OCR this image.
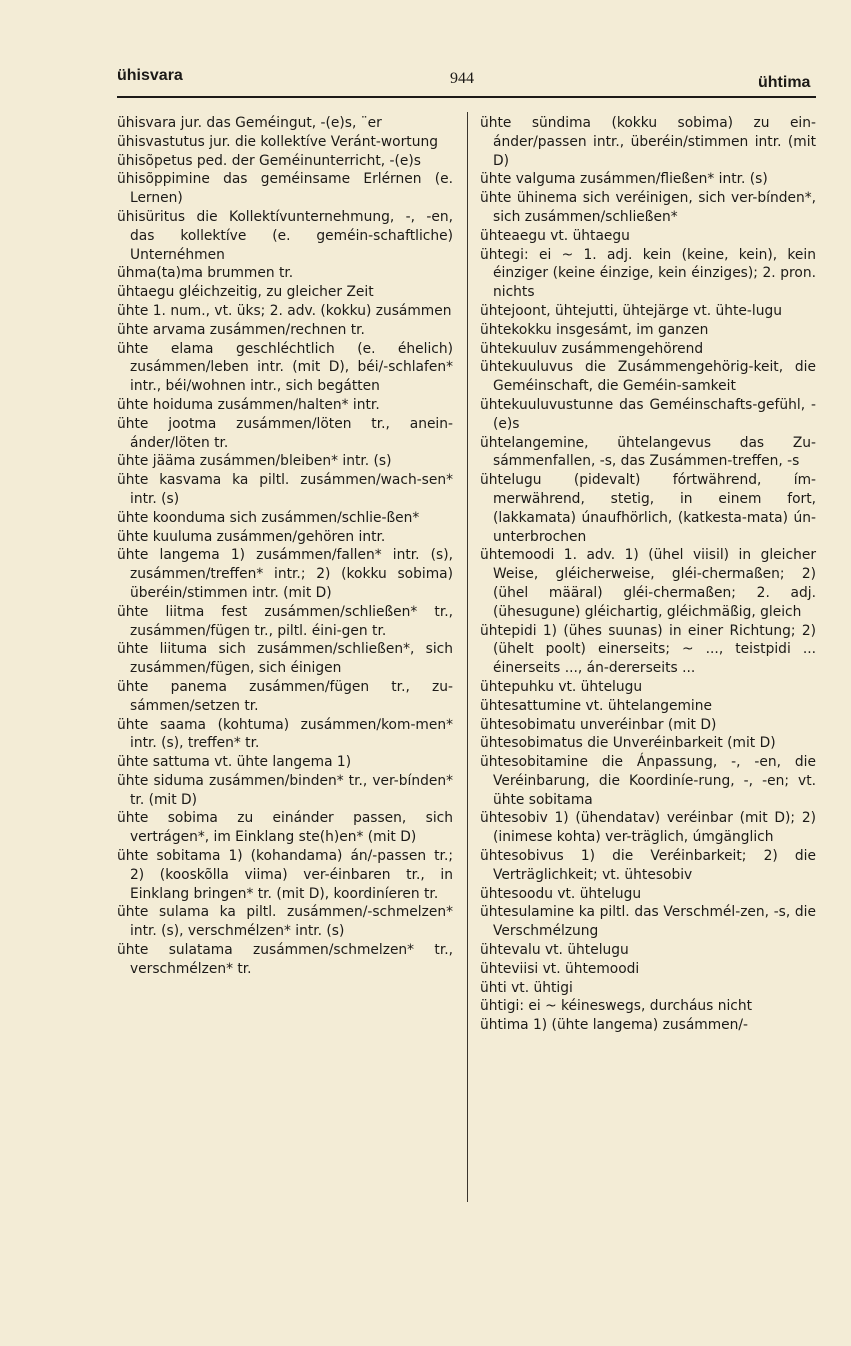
ühisvara	944	ühtima

ühisvara jur. das Geméingut, -(e)s, ¨er

ühisvastutus jur. die kollektíve Veránt-wortung

ühisõpetus ped. der Geméinunterricht, -(e)s

ühisõppimine das geméinsame Erlérnen (e. Lernen)

ühisüritus die Kollektívunternehmung, -, -en, das kollektíve (e. geméin-schaftliche) Unternéhmen

ühma(ta)ma brummen tr.

ühtaegu gléichzeitig, zu gleicher Zeit

ühte 1. num., vt. üks; 2. adv. (kokku) zusámmen

ühte arvama zusámmen/rechnen tr.

ühte elama geschléchtlich (e. éhelich) zusámmen/leben intr. (mit D), béi/-schlafen* intr., béi/wohnen intr., sich begátten

ühte hoiduma zusámmen/halten* intr.

ühte jootma zusámmen/löten tr., anein-ánder/löten tr.

ühte jääma zusámmen/bleiben* intr. (s)

ühte kasvama ka piltl. zusámmen/wach-sen* intr. (s)

ühte koonduma sich zusámmen/schlie-ßen*

ühte kuuluma zusámmen/gehören intr.

ühte langema 1) zusámmen/fallen* intr. (s), zusámmen/treffen* intr.; 2) (kokku sobima) überéin/stimmen intr. (mit D)

ühte liitma fest zusámmen/schließen* tr., zusámmen/fügen tr., piltl. éini-gen tr.

ühte liituma sich zusámmen/schließen*, sich zusámmen/fügen, sich éinigen

ühte panema zusámmen/fügen tr., zu-sámmen/setzen tr.

ühte saama (kohtuma) zusámmen/kom-men* intr. (s), treffen* tr.

ühte sattuma vt. ühte langema 1)

ühte siduma zusámmen/binden* tr., ver-bínden* tr. (mit D)

ühte sobima zu einánder passen, sich vertrágen*, im Einklang ste(h)en* (mit D)

ühte sobitama 1) (kohandama) án/-passen tr.; 2) (kooskõlla viima) ver-éinbaren tr., in Einklang bringen* tr. (mit D), koordiníeren tr.

ühte sulama ka piltl. zusámmen/-schmelzen* intr. (s), verschmélzen* intr. (s)

ühte sulatama zusámmen/schmelzen* tr., verschmélzen* tr.

ühte sündima (kokku sobima) zu ein-ánder/passen intr., überéin/stimmen intr. (mit D)

ühte valguma zusámmen/fließen* intr. (s)

ühte ühinema sich veréinigen, sich ver-bínden*, sich zusámmen/schließen*

ühteaegu vt. ühtaegu

ühtegi: ei ~ 1. adj. kein (keine, kein), kein éinziger (keine éinzige, kein éinziges); 2. pron. nichts

ühtejoont, ühtejutti, ühtejärge vt. ühte-lugu

ühtekokku insgesámt, im ganzen

ühtekuuluv zusámmengehörend

ühtekuuluvus die Zusámmengehörig-keit, die Geméinschaft, die Geméin-samkeit

ühtekuuluvustunne das Geméinschafts-gefühl, -(e)s

ühtelangemine, ühtelangevus das Zu-sámmenfallen, -s, das Zusámmen-treffen, -s

ühtelugu (pidevalt) fórtwährend, ím-merwährend, stetig, in einem fort, (lakkamata) únaufhörlich, (katkesta-mata) únunterbrochen

ühtemoodi 1. adv. 1) (ühel viisil) in gleicher Weise, gléicherweise, gléi-chermaßen; 2) (ühel määral) gléi-chermaßen; 2. adj. (ühesugune) gléichartig, gléichmäßig, gleich

ühtepidi 1) (ühes suunas) in einer Richtung; 2) (ühelt poolt) einerseits; ~ ..., teistpidi ... éinerseits ..., án-dererseits ...

ühtepuhku vt. ühtelugu

ühtesattumine vt. ühtelangemine

ühtesobimatu unveréinbar (mit D)

ühtesobimatus die Unveréinbarkeit (mit D)

ühtesobitamine die Ánpassung, -, -en, die Veréinbarung, die Koordiníe-rung, -, -en; vt. ühte sobitama

ühtesobiv 1) (ühendatav) veréinbar (mit D); 2) (inimese kohta) ver-träglich, úmgänglich

ühtesobivus 1) die Veréinbarkeit; 2) die Verträglichkeit; vt. ühtesobiv

ühtesoodu vt. ühtelugu

ühtesulamine ka piltl. das Verschmél-zen, -s, die Verschmélzung

ühtevalu vt. ühtelugu

ühteviisi vt. ühtemoodi

ühti vt. ühtigi

ühtigi: ei ~ kéineswegs, durcháus nicht

ühtima 1) (ühte langema) zusámmen/-
